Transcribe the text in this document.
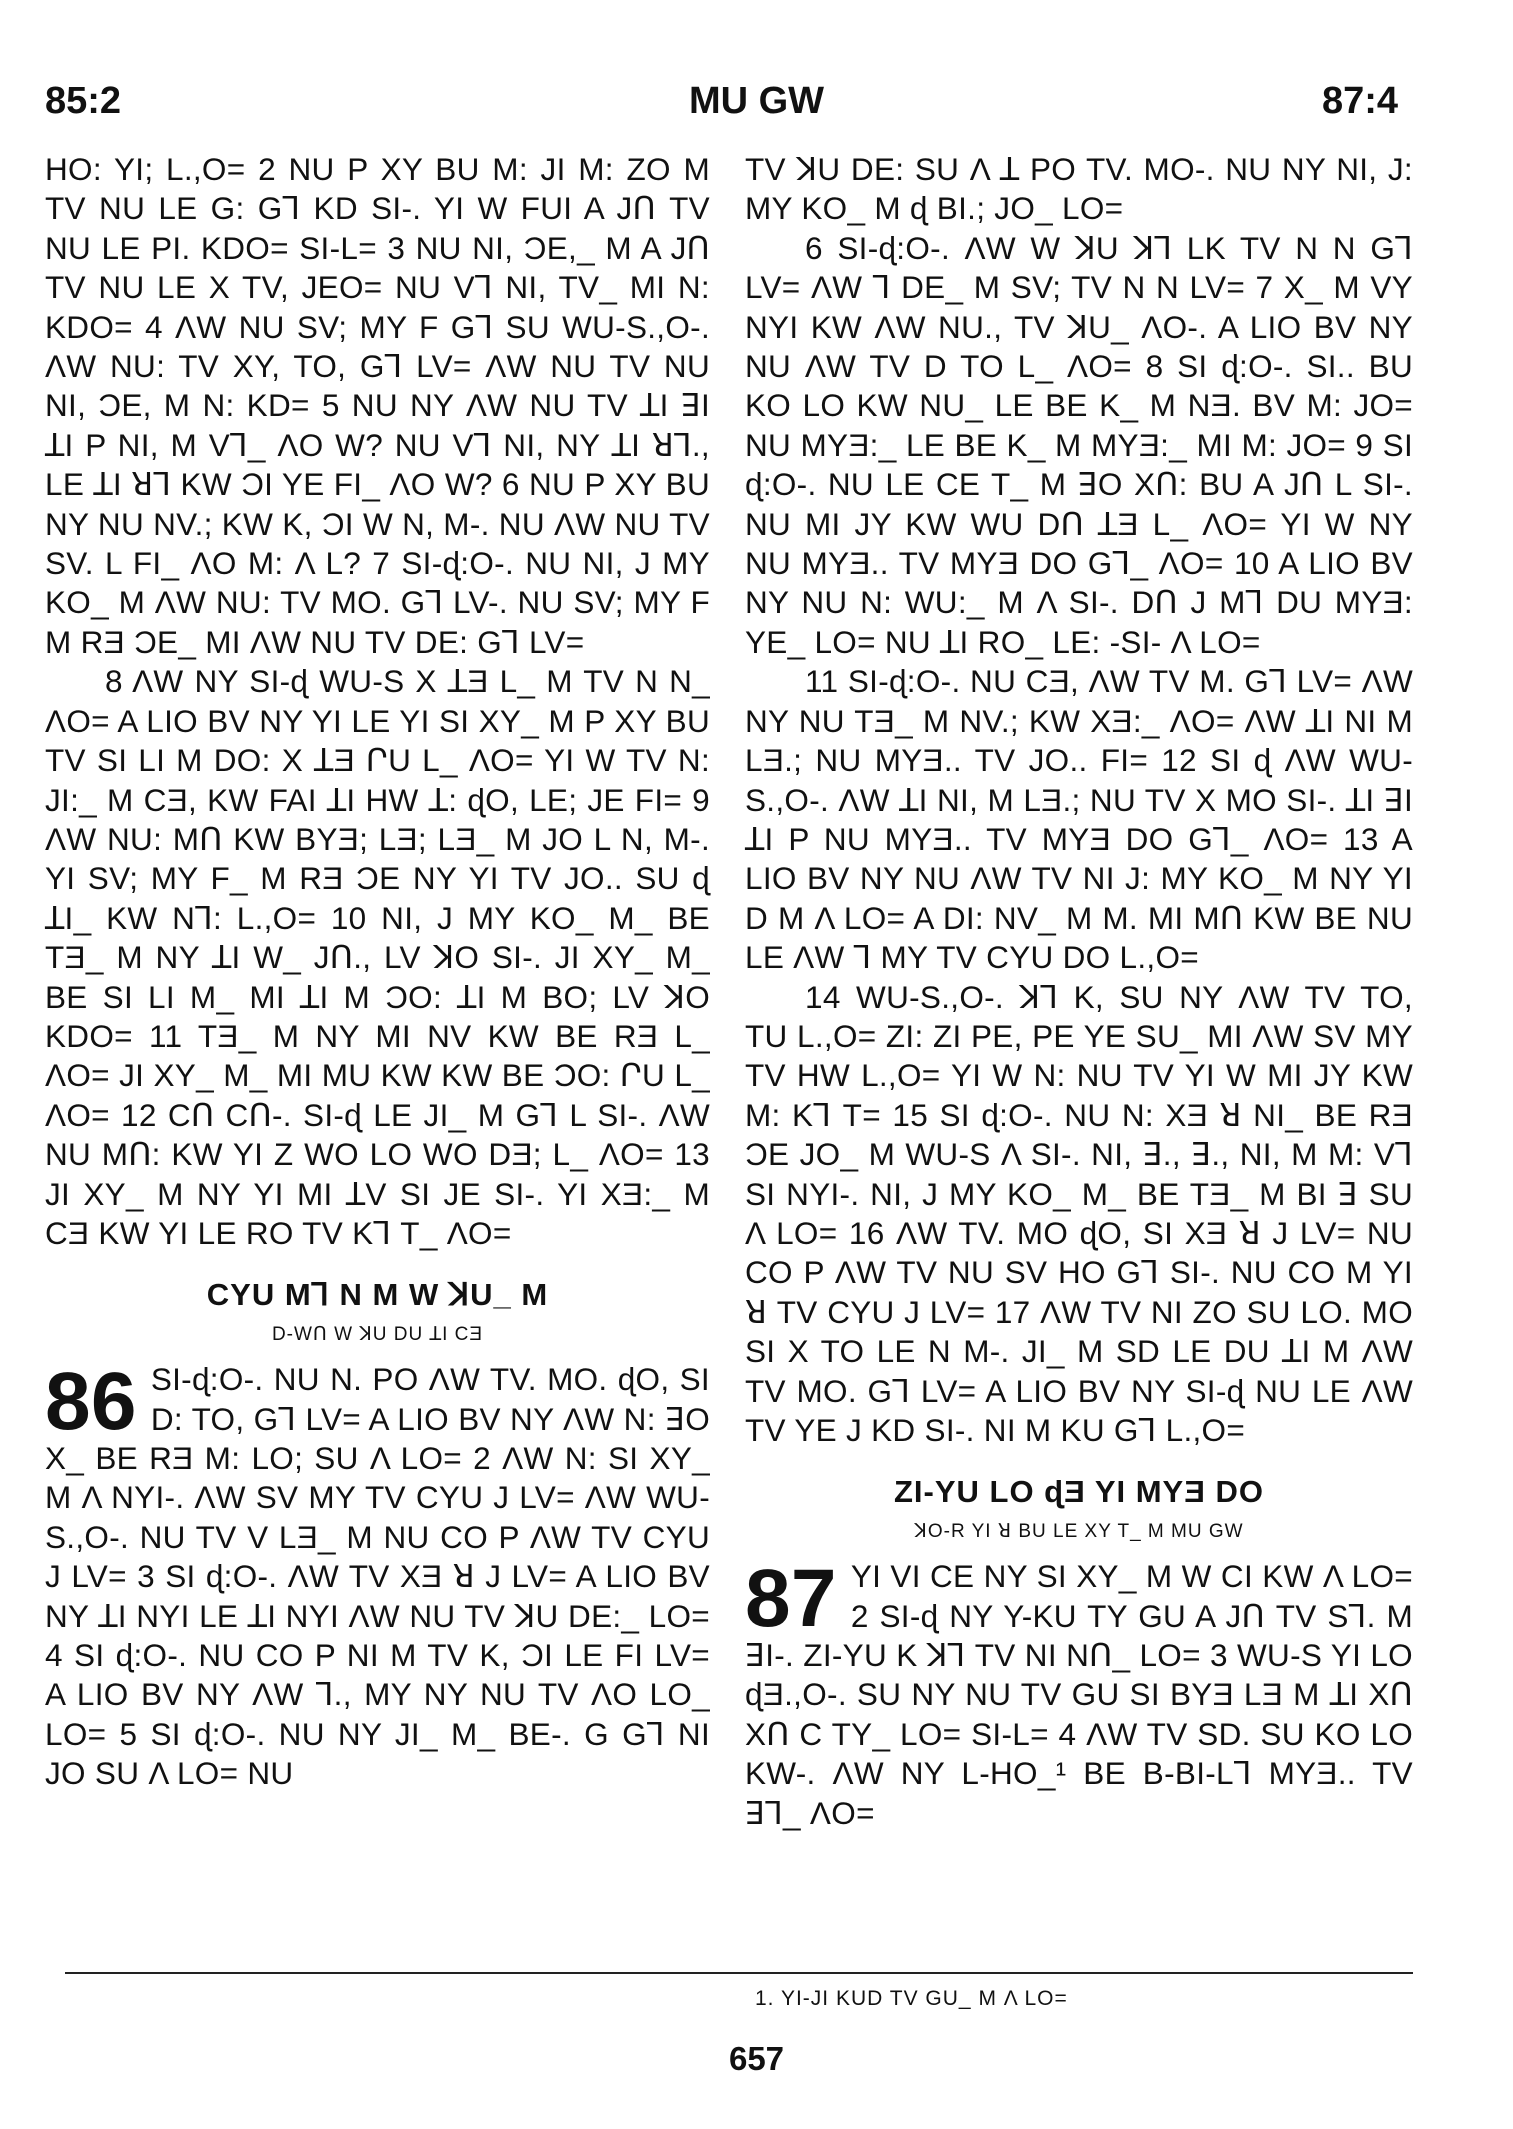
85:2	MU GW	87:4

HO: YI; L.,O= 2 NU P XY BU M: JI M: ZO M TV NU LE G: Gꓶ KD SI-. YI W FUI A JՈ TV NU LE PI. KDO= SI-L= 3 NU NI, ƆE,_ M A JՈ TV NU LE X TV, JEO= NU Vꓶ NI, TV_ MI N: KDO= 4 ΛW NU SV; MY F Gꓶ SU WU-S.,O-. ΛW NU: TV XY, TO, Gꓶ LV= ΛW NU TV NU NI, ƆE, M N: KD= 5 NU NY ΛW NU TV ꓕI ꓱI ꓕI P NI, M Vꓶ_ ΛO W? NU Vꓶ NI, NY ꓕI ꓤꓶ., LE ꓕI ꓤꓶ KW ƆI YE FI_ ΛO W? 6 NU P XY BU NY NU NV.; KW K, ƆI W N, M-. NU ΛW NU TV SV. L FI_ ΛO M: Λ L? 7 SI-ɖ:O-. NU NI, J MY KO_ M ΛW NU: TV MO. Gꓶ LV-. NU SV; MY F M RƎ ƆE_ MI ΛW NU TV DE: Gꓶ LV=

8 ΛW NY SI-ɖ WU-S X ꓕƎ L_ M TV N N_ ΛO= A LIO BV NY YI LE YI SI XY_ M P XY BU TV SI LI M DO: X ꓕƎ ՐU L_ ΛO= YI W TV N: JI:_ M CƎ, KW FAI ꓕI HW ꓕ: ɖO, LE; JE FI= 9 ΛW NU: MՈ KW BYƎ; LƎ; LƎ_ M JO L N, M-. YI SV; MY F_ M RƎ ƆE NY YI TV JO.. SU ɖ ꓕI_ KW Nꓶ: L.,O= 10 NI, J MY KO_ M_ BE TƎ_ M NY ꓕI W_ JՈ., LV ꓘO SI-. JI XY_ M_ BE SI LI M_ MI ꓕI M ƆO: ꓕI M BO; LV ꓘO KDO= 11 TƎ_ M NY MI NV KW BE RƎ L_ ΛO= JI XY_ M_ MI MU KW KW BE ƆO: ՐU L_ ΛO= 12 CՈ CՈ-. SI-ɖ LE JI_ M Gꓶ L SI-. ΛW NU MՈ: KW YI Z WO LO WO DƎ; L_ ΛO= 13 JI XY_ M NY YI MI ꓕV SI JE SI-. YI XƎ:_ M CƎ KW YI LE RO TV Kꓶ T_ ΛO=

CYU Mꓶ N M W ꓘU_ M
D-WՈ W ꓘU DU ꓕI CƎ

86 SI-ɖ:O-. NU N. PO ΛW TV. MO. ɖO, SI D: TO, Gꓶ LV= A LIO BV NY ΛW N: ꓱO X_ BE RƎ M: LO; SU Λ LO= 2 ΛW N: SI XY_ M Λ NYI-. ΛW SV MY TV CYU J LV= ΛW WU-S.,O-. NU TV V LƎ_ M NU CO P ΛW TV CYU J LV= 3 SI ɖ:O-. ΛW TV XƎ ꓤ J LV= A LIO BV NY ꓕI NYI LE ꓕI NYI ΛW NU TV ꓘU DE:_ LO= 4 SI ɖ:O-. NU CO P NI M TV K, ƆI LE FI LV= A LIO BV NY ΛW ꓶ., MY NY NU TV ΛO LO_ LO= 5 SI ɖ:O-. NU NY JI_ M_ BE-. G Gꓶ NI JO SU Λ LO= NU

TV ꓘU DE: SU Λ ꓕ PO TV. MO-. NU NY NI, J: MY KO_ M ɖ BI.; JO_ LO=

6 SI-ɖ:O-. ΛW W ꓘU ꓘꓶ LK TV N N Gꓶ LV= ΛW ꓶ DE_ M SV; TV N N LV= 7 X_ M VY NYI KW ΛW NU., TV ꓘU_ ΛO-. A LIO BV NY NU ΛW TV D TO L_ ΛO= 8 SI ɖ:O-. SI.. BU KO LO KW NU_ LE BE K_ M NƎ. BV M: JO= NU MYƎ:_ LE BE K_ M MYƎ:_ MI M: JO= 9 SI ɖ:O-. NU LE CE T_ M ꓱO XՈ: BU A JՈ L SI-. NU MI JY KW WU DՈ ꓕƎ L_ ΛO= YI W NY NU MYƎ.. TV MYƎ DO Gꓶ_ ΛO= 10 A LIO BV NY NU N: WU:_ M Λ SI-. DՈ J Mꓶ DU MYƎ: YE_ LO= NU ꓕI RO_ LE: -SI- Λ LO=

11 SI-ɖ:O-. NU CƎ, ΛW TV M. Gꓶ LV= ΛW NY NU TƎ_ M NV.; KW XƎ:_ ΛO= ΛW ꓕI NI M LƎ.; NU MYƎ.. TV JO.. FI= 12 SI ɖ ΛW WU-S.,O-. ΛW ꓕI NI, M LƎ.; NU TV X MO SI-. ꓕI ꓱI ꓕI P NU MYƎ.. TV MYƎ DO Gꓶ_ ΛO= 13 A LIO BV NY NU ΛW TV NI J: MY KO_ M NY YI D M Λ LO= A DI: NV_ M M. MI MՈ KW BE NU LE ΛW ꓶ MY TV CYU DO L.,O=

14 WU-S.,O-. ꓘꓶ K, SU NY ΛW TV TO, TU L.,O= ZI: ZI PE, PE YE SU_ MI ΛW SV MY TV HW L.,O= YI W N: NU TV YI W MI JY KW M: Kꓶ T= 15 SI ɖ:O-. NU N: XƎ ꓤ NI_ BE RƎ ƆE JO_ M WU-S Λ SI-. NI, ꓱ., ꓱ., NI, M M: Vꓶ SI NYI-. NI, J MY KO_ M_ BE TƎ_ M BI ꓱ SU Λ LO= 16 ΛW TV. MO ɖO, SI XƎ ꓤ J LV= NU CO P ΛW TV NU SV HO Gꓶ SI-. NU CO M YI ꓤ TV CYU J LV= 17 ΛW TV NI ZO SU LO. MO SI X TO LE N M-. JI_ M SD LE DU ꓕI M ΛW TV MO. Gꓶ LV= A LIO BV NY SI-ɖ NU LE ΛW TV YE J KD SI-. NI M KU Gꓶ L.,O=

ZI-YU LO ɖƎ YI MYƎ DO
ꓘO-R YI ꓤ BU LE XY T_ M MU GW

87 YI VI CE NY SI XY_ M W CI KW Λ LO= 2 SI-ɖ NY Y-KU TY GU A JՈ TV Sꓶ. M ꓱI-. ZI-YU K ꓘꓶ TV NI NՈ_ LO= 3 WU-S YI LO ɖƎ.,O-. SU NY NU TV GU SI BYƎ LƎ M ꓕI XՈ XՈ C TY_ LO= SI-L= 4 ΛW TV SD. SU KO LO KW-. ΛW NY L-HO_¹ BE B-BI-Lꓶ MYƎ.. TV ꓱꓶ_ ΛO=

1. YI-JI KUD TV GU_ M Λ LO=
657
